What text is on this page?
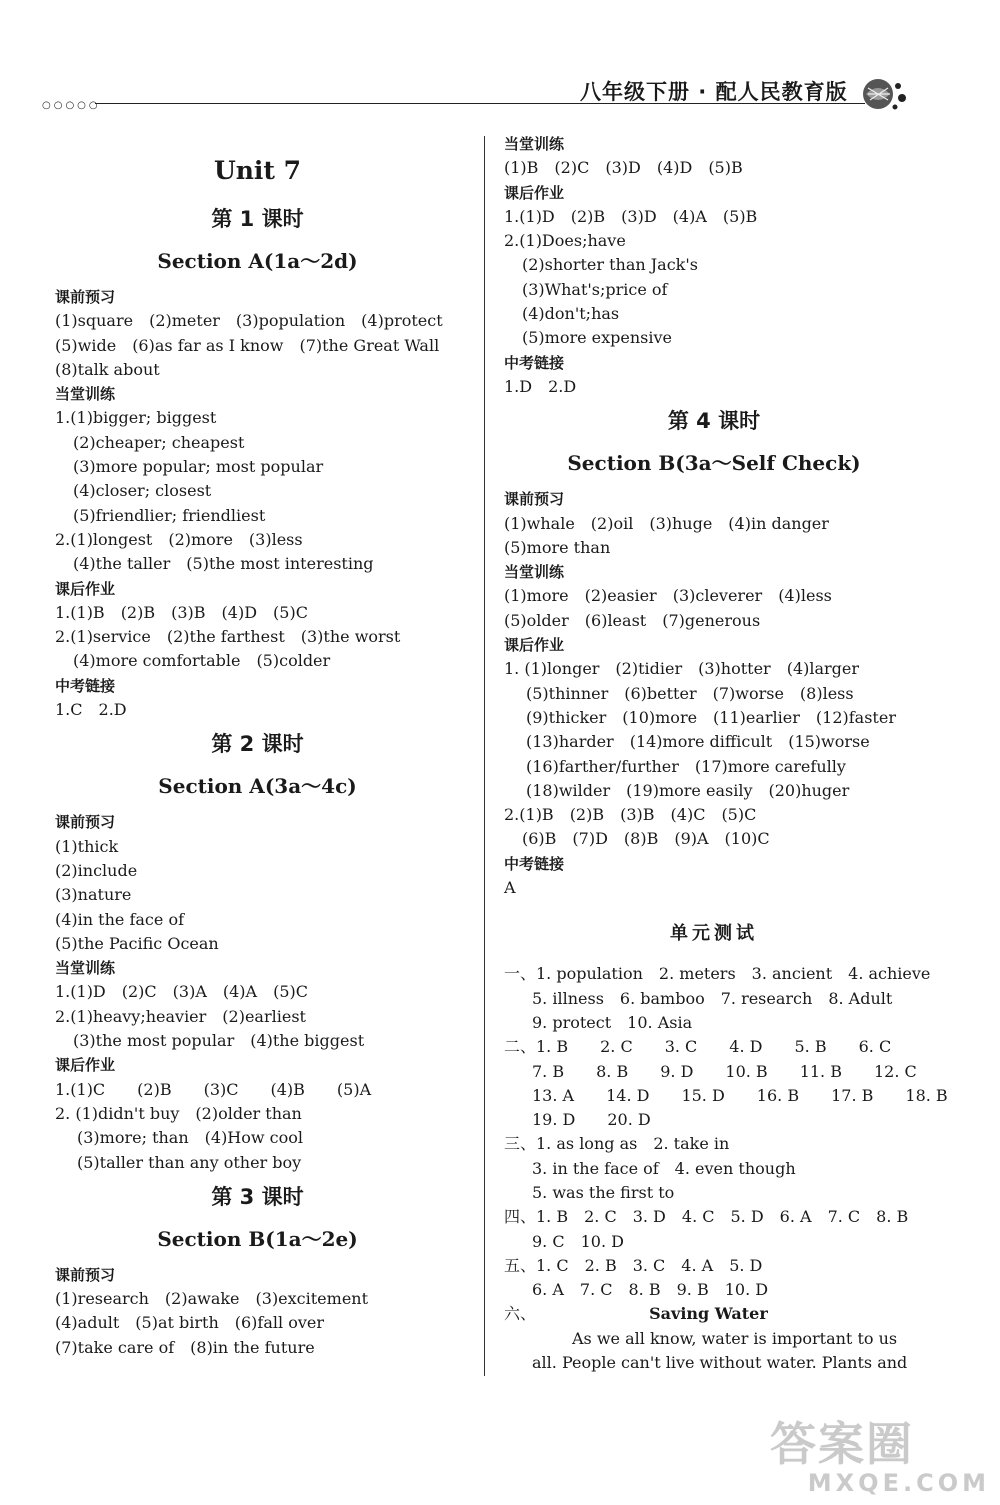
○○○○○
八年级下册 · 配人民教育版
Unit 7
第 1 课时
Section A(1a～2d)
课前预习
(1)square　(2)meter　(3)population　(4)protect
(5)wide　(6)as far as I know　(7)the Great Wall
(8)talk about
当堂训练
1.(1)bigger; biggest
(2)cheaper; cheapest
(3)more popular; most popular
(4)closer; closest
(5)friendlier; friendliest
2.(1)longest　(2)more　(3)less
(4)the taller　(5)the most interesting
课后作业
1.(1)B　(2)B　(3)B　(4)D　(5)C
2.(1)service　(2)the farthest　(3)the worst
(4)more comfortable　(5)colder
中考链接
1.C　2.D
第 2 课时
Section A(3a～4c)
课前预习
(1)thick
(2)include
(3)nature
(4)in the face of
(5)the Pacific Ocean
当堂训练
1.(1)D　(2)C　(3)A　(4)A　(5)C
2.(1)heavy;heavier　(2)earliest
(3)the most popular　(4)the biggest
课后作业
1.(1)C　　(2)B　　(3)C　　(4)B　　(5)A
2. (1)didn't buy　(2)older than
(3)more; than　(4)How cool
(5)taller than any other boy
第 3 课时
Section B(1a～2e)
课前预习
(1)research　(2)awake　(3)excitement
(4)adult　(5)at birth　(6)fall over
(7)take care of　(8)in the future
当堂训练
(1)B　(2)C　(3)D　(4)D　(5)B
课后作业
1.(1)D　(2)B　(3)D　(4)A　(5)B
2.(1)Does;have
(2)shorter than Jack's
(3)What's;price of
(4)don't;has
(5)more expensive
中考链接
1.D　2.D
第 4 课时
Section B(3a～Self Check)
课前预习
(1)whale　(2)oil　(3)huge　(4)in danger
(5)more than
当堂训练
(1)more　(2)easier　(3)cleverer　(4)less
(5)older　(6)least　(7)generous
课后作业
1. (1)longer　(2)tidier　(3)hotter　(4)larger
(5)thinner　(6)better　(7)worse　(8)less
(9)thicker　(10)more　(11)earlier　(12)faster
(13)harder　(14)more difficult　(15)worse
(16)farther/further　(17)more carefully
(18)wilder　(19)more easily　(20)huger
2.(1)B　(2)B　(3)B　(4)C　(5)C
(6)B　(7)D　(8)B　(9)A　(10)C
中考链接
A
单元测试
一、1. population　2. meters　3. ancient　4. achieve
5. illness　6. bamboo　7. research　8. Adult
9. protect　10. Asia
二、1. B　　2. C　　3. C　　4. D　　5. B　　6. C
7. B　　8. B　　9. D　　10. B　　11. B　　12. C
13. A　　14. D　　15. D　　16. B　　17. B　　18. B
19. D　　20. D
三、1. as long as　2. take in
3. in the face of　4. even though
5. was the first to
四、1. B　2. C　3. D　4. C　5. D　6. A　7. C　8. B
9. C　10. D
五、1. C　2. B　3. C　4. A　5. D
6. A　7. C　8. B　9. B　10. D
六、	Saving Water
As we all know, water is important to us
all. People can't live without water. Plants and
答案圈
MXQE.COM
